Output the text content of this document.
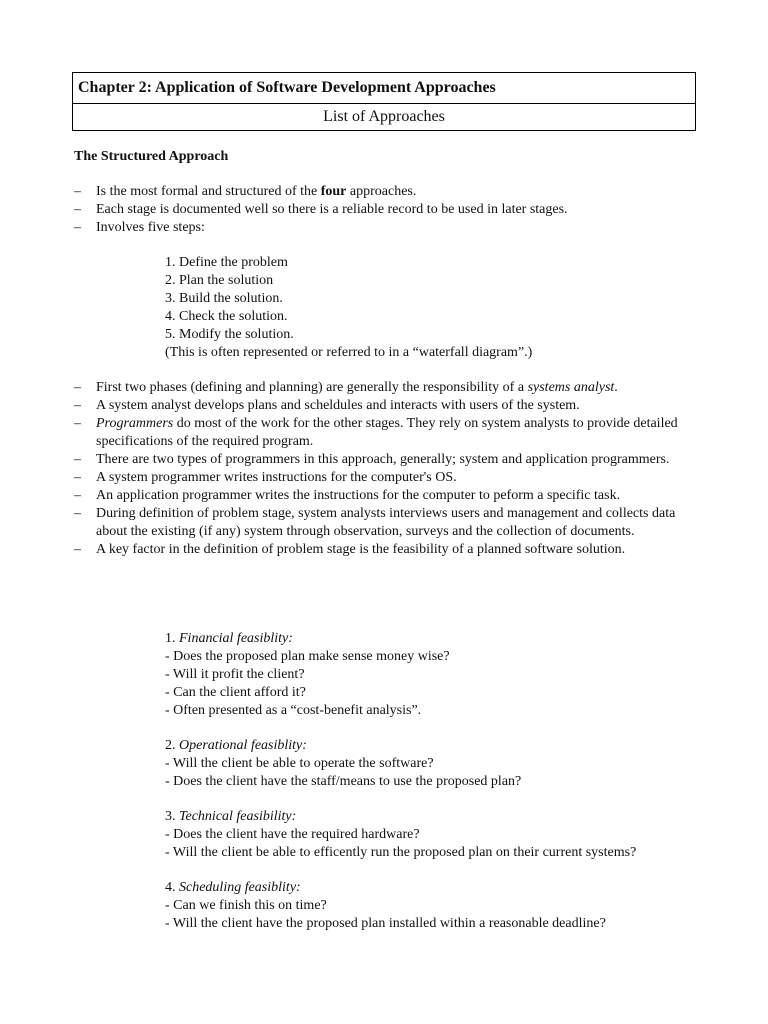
Chapter 2: Application of Software Development Approaches
List of Approaches
The Structured Approach
– Is the most formal and structured of the four approaches.
– Each stage is documented well so there is a reliable record to be used in later stages.
– Involves five steps:
1. Define the problem
2. Plan the solution
3. Build the solution.
4. Check the solution.
5. Modify the solution.
(This is often represented or referred to in a “waterfall diagram”.)
– First two phases (defining and planning) are generally the responsibility of a systems analyst.
– A system analyst develops plans and scheldules and interacts with users of the system.
– Programmers do most of the work for the other stages. They rely on system analysts to provide detailed specifications of the required program.
– There are two types of programmers in this approach, generally; system and application programmers.
– A system programmer writes instructions for the computer's OS.
– An application programmer writes the instructions for the computer to peform a specific task.
– During definition of problem stage, system analysts interviews users and management and collects data about the existing (if any) system through observation, surveys and the collection of documents.
– A key factor in the definition of problem stage is the feasibility of a planned software solution.
1. Financial feasiblity:
- Does the proposed plan make sense money wise?
- Will it profit the client?
- Can the client afford it?
- Often presented as a “cost-benefit analysis”.
2. Operational feasiblity:
- Will the client be able to operate the software?
- Does the client have the staff/means to use the proposed plan?
3. Technical feasibility:
- Does the client have the required hardware?
- Will the client be able to efficently run the proposed plan on their current systems?
4. Scheduling feasiblity:
- Can we finish this on time?
- Will the client have the proposed plan installed within a reasonable deadline?
